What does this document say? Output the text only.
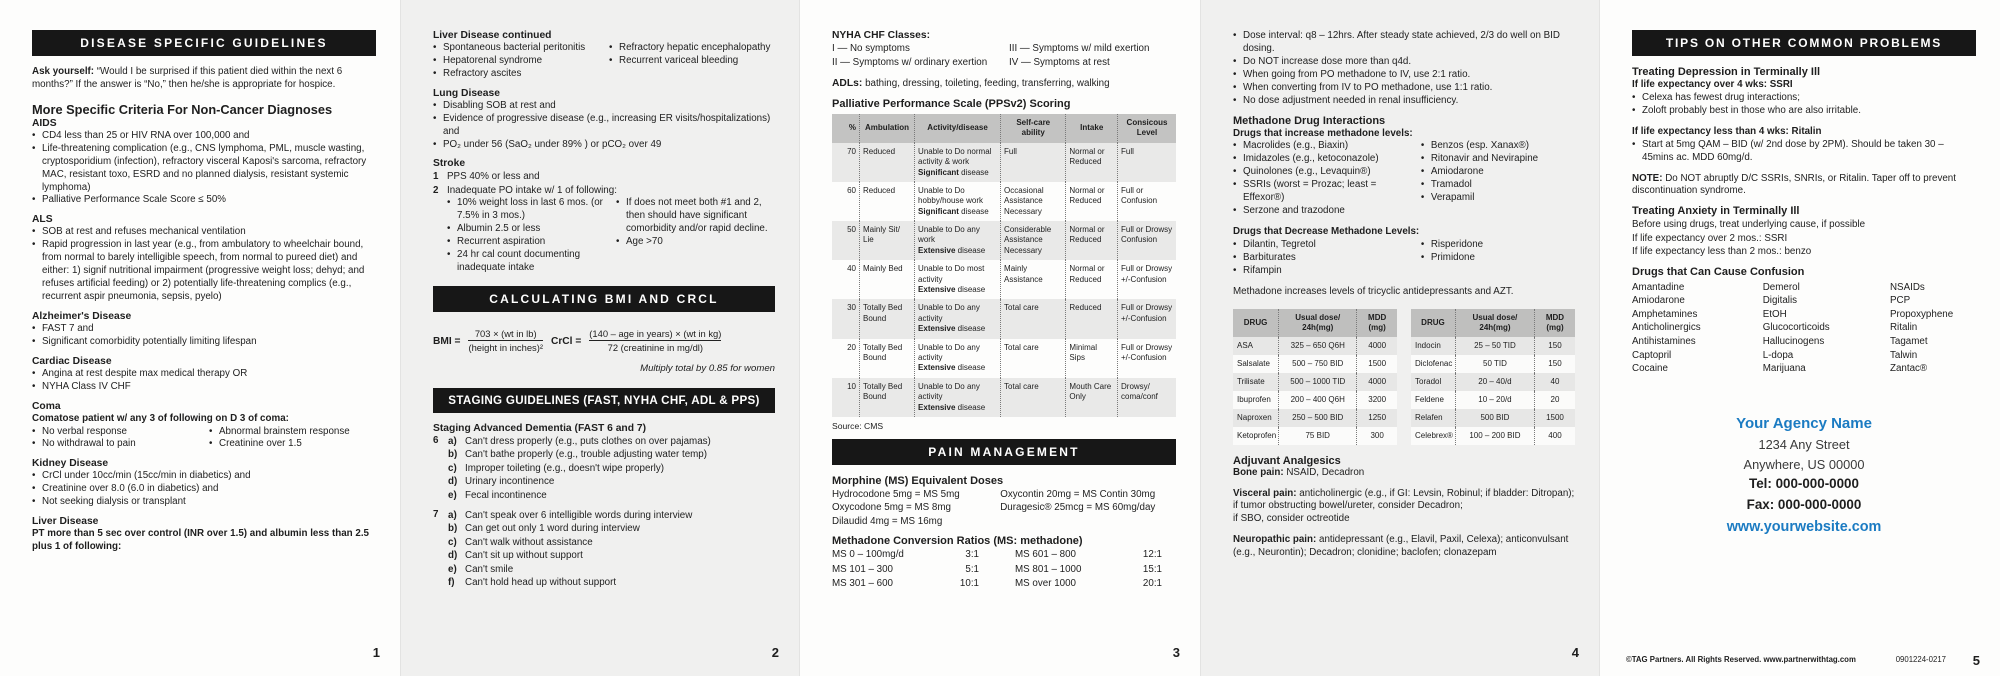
DISEASE SPECIFIC GUIDELINES

Ask yourself: “Would I be surprised if this patient died within the next 6 months?” If the answer is “No,” then he/she is appropriate for hospice.

More Specific Criteria For Non-Cancer Diagnoses

AIDS

• CD4 less than 25 or HIV RNA over 100,000 and
• Life-threatening complication (e.g., CNS lymphoma, PML, muscle wasting, cryptosporidium (infection), refractory visceral Kaposi's sarcoma, refractory MAC, resistant toxo, ESRD and no planned dialysis, resistant systemic lymphoma)
• Palliative Performance Scale Score ≤ 50%

ALS

• SOB at rest and refuses mechanical ventilation
• Rapid progression in last year (e.g., from ambulatory to wheelchair bound, from normal to barely intelligible speech, from normal to pureed diet) and either: 1) signif nutritional impairment (progressive weight loss; dehyd; and refuses artificial feeding) or 2) potentially life-threatening complics (e.g., recurrent aspir pneumonia, sepsis, pyelo)

Alzheimer's Disease

• FAST 7 and
• Significant comorbidity potentially limiting lifespan

Cardiac Disease

• Angina at rest despite max medical therapy OR
• NYHA Class IV CHF

Coma

Comatose patient w/ any 3 of following on D 3 of coma:

• No verbal response
• No withdrawal to pain
• Abnormal brainstem response
• Creatinine over 1.5

Kidney Disease

• CrCl under 10cc/min (15cc/min in diabetics) and
• Creatinine over 8.0 (6.0 in diabetics) and
• Not seeking dialysis or transplant

Liver Disease

PT more than 5 sec over control (INR over 1.5) and albumin less than 2.5 plus 1 of following:

1

Liver Disease continued

• Spontaneous bacterial peritonitis
• Hepatorenal syndrome
• Refractory ascites
• Refractory hepatic encephalopathy
• Recurrent variceal bleeding

Lung Disease

• Disabling SOB at rest and
• Evidence of progressive disease (e.g., increasing ER visits/hospitalizations) and
• PO₂ under 56 (SaO₂ under 89% ) or pCO₂ over 49

Stroke

1 PPS 40% or less and
2 Inadequate PO intake w/ 1 of following:
• 10% weight loss in last 6 mos. (or 7.5% in 3 mos.)
• Albumin 2.5 or less
• Recurrent aspiration
• 24 hr cal count documenting inadequate intake
• If does not meet both #1 and 2, then should have significant comorbidity and/or rapid decline.
• Age >70
CALCULATING BMI AND CRCL
BMI = $\frac{\text{703 × (wt in lb)}}{\text{(height in inches)²}}$ CrCl = $\frac{\text{(140 – age in years) × (wt in kg)}}{\text{72 (creatinine in mg/dl)}}$

Multiply total by 0.85 for women

STAGING GUIDELINES (FAST, NYHA CHF, ADL & PPS)

Staging Advanced Dementia (FAST 6 and 7)

6 a) Can't dress properly (e.g., puts clothes on over pajamas)
b) Can't bathe properly (e.g., trouble adjusting water temp)
c) Improper toileting (e.g., doesn't wipe properly)
d) Urinary incontinence
e) Fecal incontinence
7 a) Can't speak over 6 intelligible words during interview
b) Can get out only 1 word during interview
c) Can't walk without assistance
d) Can't sit up without support
e) Can't smile
f) Can't hold head up without support
2

NYHA CHF Classes:

I — No symptoms
II — Symptoms w/ ordinary exertion
III — Symptoms w/ mild exertion
IV — Symptoms at rest

ADLs: bathing, dressing, toileting, feeding, transferring, walking

Palliative Performance Scale (PPSv2) Scoring

%	Ambulation	Activity/disease	Self-care ability	Intake	Consicous Level
70	Reduced	Unable to Do normal activity & work
Significant disease	Full	Normal or Reduced	Full
60	Reduced	Unable to Do hobby/house work
Significant disease	Occasional Assistance Necessary	Normal or Reduced	Full or Confusion
50	Mainly Sit/ Lie	Unable to Do any work
Extensive disease	Considerable Assistance Necessary	Normal or Reduced	Full or Drowsy Confusion
40	Mainly Bed	Unable to Do most activity
Extensive disease	Mainly Assistance	Normal or Reduced	Full or Drowsy +/-Confusion
30	Totally Bed Bound	Unable to Do any activity
Extensive disease	Total care	Reduced	Full or Drowsy +/-Confusion
20	Totally Bed Bound	Unable to Do any activity
Extensive disease	Total care	Minimal Sips	Full or Drowsy +/-Confusion
10	Totally Bed Bound	Unable to Do any activity
Extensive disease	Total care	Mouth Care Only	Drowsy/ coma/conf

Source: CMS

PAIN MANAGEMENT

Morphine (MS) Equivalent Doses

Hydrocodone 5mg = MS 5mg
Oxycodone 5mg = MS 8mg
Dilaudid 4mg = MS 16mg
Oxycontin 20mg = MS Contin 30mg
Duragesic® 25mcg = MS 60mg/day

Methadone Conversion Ratios (MS: methadone)

MS 0 – 100mg/d	3:1
MS 101 – 300	5:1
MS 301 – 600	10:1
MS 601 – 800	12:1
MS 801 – 1000	15:1
MS over 1000	20:1
3
• Dose interval: q8 – 12hrs. After steady state achieved, 2/3 do well on BID dosing.
• Do NOT increase dose more than q4d.
• When going from PO methadone to IV, use 2:1 ratio.
• When converting from IV to PO methadone, use 1:1 ratio.
• No dose adjustment needed in renal insufficiency.

Methadone Drug Interactions

Drugs that increase methadone levels:

• Macrolides (e.g., Biaxin)
• Imidazoles (e.g., ketoconazole)
• Quinolones (e.g., Levaquin®)
• SSRIs (worst = Prozac; least = Effexor®)
• Serzone and trazodone
• Benzos (esp. Xanax®)
• Ritonavir and Nevirapine
• Amiodarone
• Tramadol
• Verapamil

Drugs that Decrease Methadone Levels:

• Dilantin, Tegretol
• Barbiturates
• Rifampin
• Risperidone
• Primidone

Methadone increases levels of tricyclic antidepressants and AZT.

DRUG	Usual dose/ 24h(mg)	MDD (mg)
ASA	325 – 650 Q6H	4000
Salsalate	500 – 750 BID	1500
Trilisate	500 – 1000 TID	4000
Ibuprofen	200 – 400 Q6H	3200
Naproxen	250 – 500 BID	1250
Ketoprofen	75 BID	300
DRUG	Usual dose/ 24h(mg)	MDD (mg)
Indocin	25 – 50 TID	150
Diclofenac	50 TID	150
Toradol	20 – 40/d	40
Feldene	10 – 20/d	20
Relafen	500 BID	1500
Celebrex®	100 – 200 BID	400

Adjuvant Analgesics

Bone pain: NSAID, Decadron

Visceral pain: anticholinergic (e.g., if GI: Levsin, Robinul; if bladder: Ditropan); if tumor obstructing bowel/ureter, consider Decadron;

if SBO, consider octreotide

Neuropathic pain: antidepressant (e.g., Elavil, Paxil, Celexa); anticonvulsant (e.g., Neurontin); Decadron; clonidine; baclofen; clonazepam

4
TIPS ON OTHER COMMON PROBLEMS

Treating Depression in Terminally Ill

If life expectancy over 4 wks: SSRI

• Celexa has fewest drug interactions;
• Zoloft probably best in those who are also irritable.

If life expectancy less than 4 wks: Ritalin

• Start at 5mg QAM – BID (w/ 2nd dose by 2PM). Should be taken 30 – 45mins ac. MDD 60mg/d.

NOTE: Do NOT abruptly D/C SSRIs, SNRIs, or Ritalin. Taper off to prevent discontinuation syndrome.

Treating Anxiety in Terminally Ill

Before using drugs, treat underlying cause, if possible
If life expectancy over 2 mos.: SSRI
If life expectancy less than 2 mos.: benzo

Drugs that Can Cause Confusion

Amantadine
Amiodarone
Amphetamines
Anticholinergics
Antihistamines
Captopril
Cocaine
Demerol
Digitalis
EtOH
Glucocorticoids
Hallucinogens
L-dopa
Marijuana
NSAIDs
PCP
Propoxyphene
Ritalin
Tagamet
Talwin
Zantac®
Your Agency Name
1234 Any Street
Anywhere, US 00000
Tel: 000-000-0000
Fax: 000-000-0000
www.yourwebsite.com
©TAG Partners. All Rights Reserved. www.partnerwithtag.com	0901224-0217	5
